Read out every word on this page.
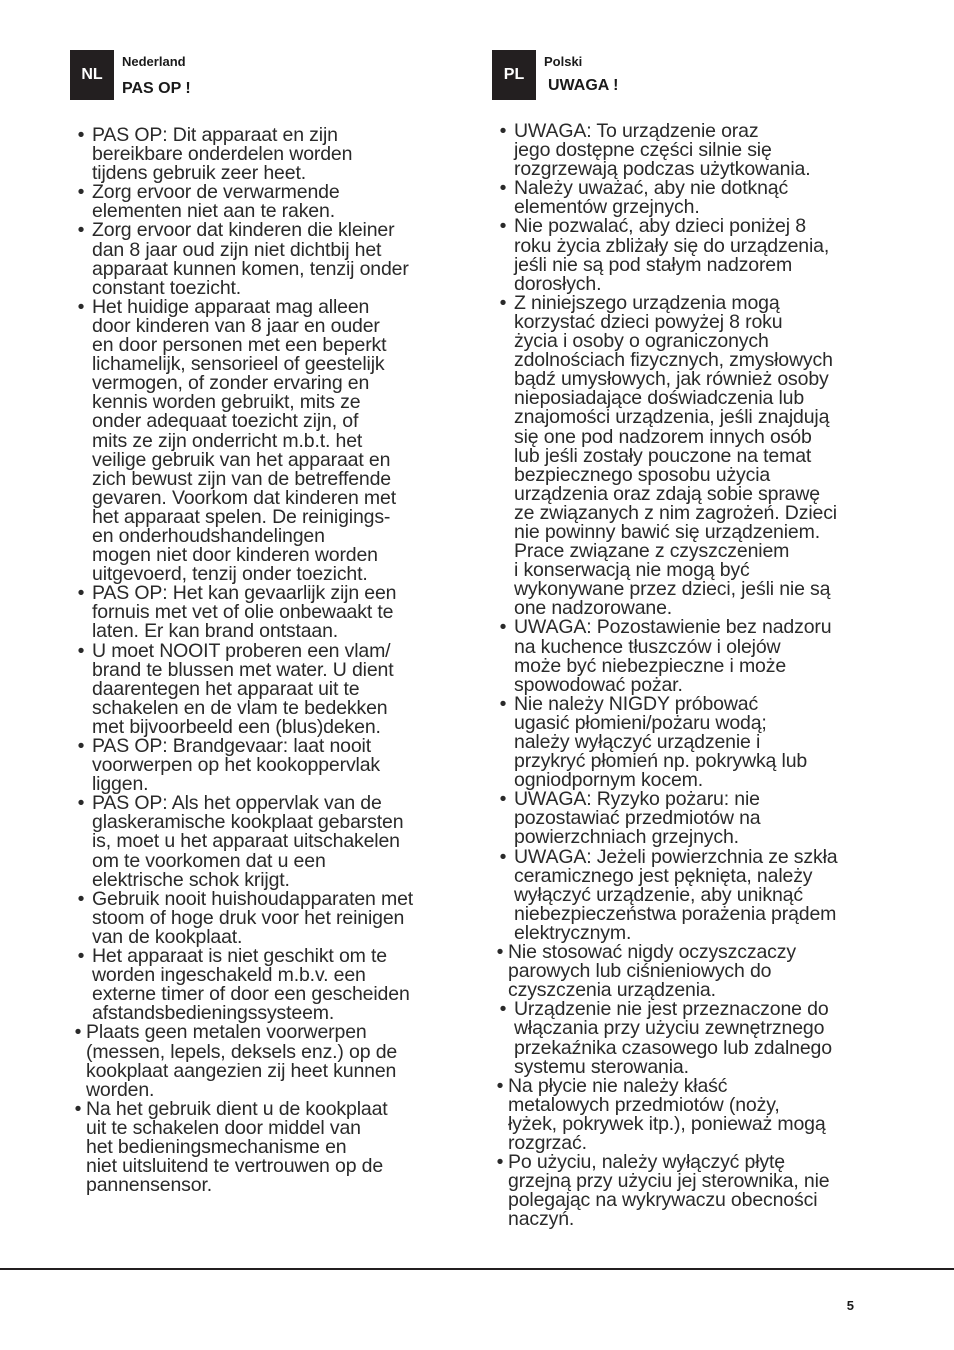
NL
Nederland
PAS OP !
• PAS OP: Dit apparaat en zijn
bereikbare onderdelen worden
tijdens gebruik zeer heet.
• Zorg ervoor de verwarmende
elementen niet aan te raken.
• Zorg ervoor dat kinderen die kleiner
dan 8 jaar oud zijn niet dichtbij het
apparaat kunnen komen, tenzij onder
constant toezicht.
• Het huidige apparaat mag alleen
door kinderen van 8 jaar en ouder
en door personen met een beperkt
lichamelijk, sensorieel of geestelijk
vermogen, of zonder ervaring en
kennis worden gebruikt, mits ze
onder adequaat toezicht zijn, of
mits ze zijn onderricht m.b.t. het
veilige gebruik van het apparaat en
zich bewust zijn van de betreffende
gevaren. Voorkom dat kinderen met
het apparaat spelen. De reinigings-
en onderhoudshandelingen
mogen niet door kinderen worden
uitgevoerd, tenzij onder toezicht.
• PAS OP: Het kan gevaarlijk zijn een
fornuis met vet of olie onbewaakt te
laten. Er kan brand ontstaan.
• U moet NOOIT proberen een vlam/
brand te blussen met water. U dient
daarentegen het apparaat uit te
schakelen en de vlam te bedekken
met bijvoorbeeld een (blus)deken.
• PAS OP: Brandgevaar: laat nooit
voorwerpen op het kookoppervlak
liggen.
• PAS OP: Als het oppervlak van de
glaskeramische kookplaat gebarsten
is, moet u het apparaat uitschakelen
om te voorkomen dat u een
elektrische schok krijgt.
• Gebruik nooit huishoudapparaten met
stoom of hoge druk voor het reinigen
van de kookplaat.
• Het apparaat is niet geschikt om te
worden ingeschakeld m.b.v. een
externe timer of door een gescheiden
afstandsbedieningssysteem.
• Plaats geen metalen voorwerpen
(messen, lepels, deksels enz.) op de
kookplaat aangezien zij heet kunnen
worden.
• Na het gebruik dient u de kookplaat
uit te schakelen door middel van
het bedieningsmechanisme en
niet uitsluitend te vertrouwen op de
pannensensor.
PL
Polski
UWAGA !
• UWAGA: To urządzenie oraz
jego dostępne części silnie się
rozgrzewają podczas użytkowania.
• Należy uważać, aby nie dotknąć
elementów grzejnych.
• Nie pozwalać, aby dzieci poniżej 8
roku życia zbliżały się do urządzenia,
jeśli nie są pod stałym nadzorem
dorosłych.
• Z niniejszego urządzenia mogą
korzystać dzieci powyżej 8 roku
życia i osoby o ograniczonych
zdolnościach fizycznych, zmysłowych
bądź umysłowych, jak również osoby
nieposiadające doświadczenia lub
znajomości urządzenia, jeśli znajdują
się one pod nadzorem innych osób
lub jeśli zostały pouczone na temat
bezpiecznego sposobu użycia
urządzenia oraz zdają sobie sprawę
ze związanych z nim zagrożeń. Dzieci
nie powinny bawić się urządzeniem.
Prace związane z czyszczeniem
i konserwacją nie mogą być
wykonywane przez dzieci, jeśli nie są
one nadzorowane.
• UWAGA: Pozostawienie bez nadzoru
na kuchence tłuszczów i olejów
może być niebezpieczne i może
spowodować pożar.
• Nie należy NIGDY próbować
ugasić płomieni/pożaru wodą;
należy wyłączyć urządzenie i
przykryć płomień np. pokrywką lub
ogniodpornym kocem.
• UWAGA: Ryzyko pożaru: nie
pozostawiać przedmiotów na
powierzchniach grzejnych.
• UWAGA: Jeżeli powierzchnia ze szkła
ceramicznego jest pęknięta, należy
wyłączyć urządzenie, aby uniknąć
niebezpieczeństwa porażenia prądem
elektrycznym.
• Nie stosować nigdy oczyszczaczy
parowych lub ciśnieniowych do
czyszczenia urządzenia.
• Urządzenie nie jest przeznaczone do
włączania przy użyciu zewnętrznego
przekaźnika czasowego lub zdalnego
systemu sterowania.
• Na płycie nie należy kłaść
metalowych przedmiotów (noży,
łyżek, pokrywek itp.), ponieważ mogą
rozgrzać.
• Po użyciu, należy wyłączyć płytę
grzejną przy użyciu jej sterownika, nie
polegając na wykrywaczu obecności
naczyń.
5
